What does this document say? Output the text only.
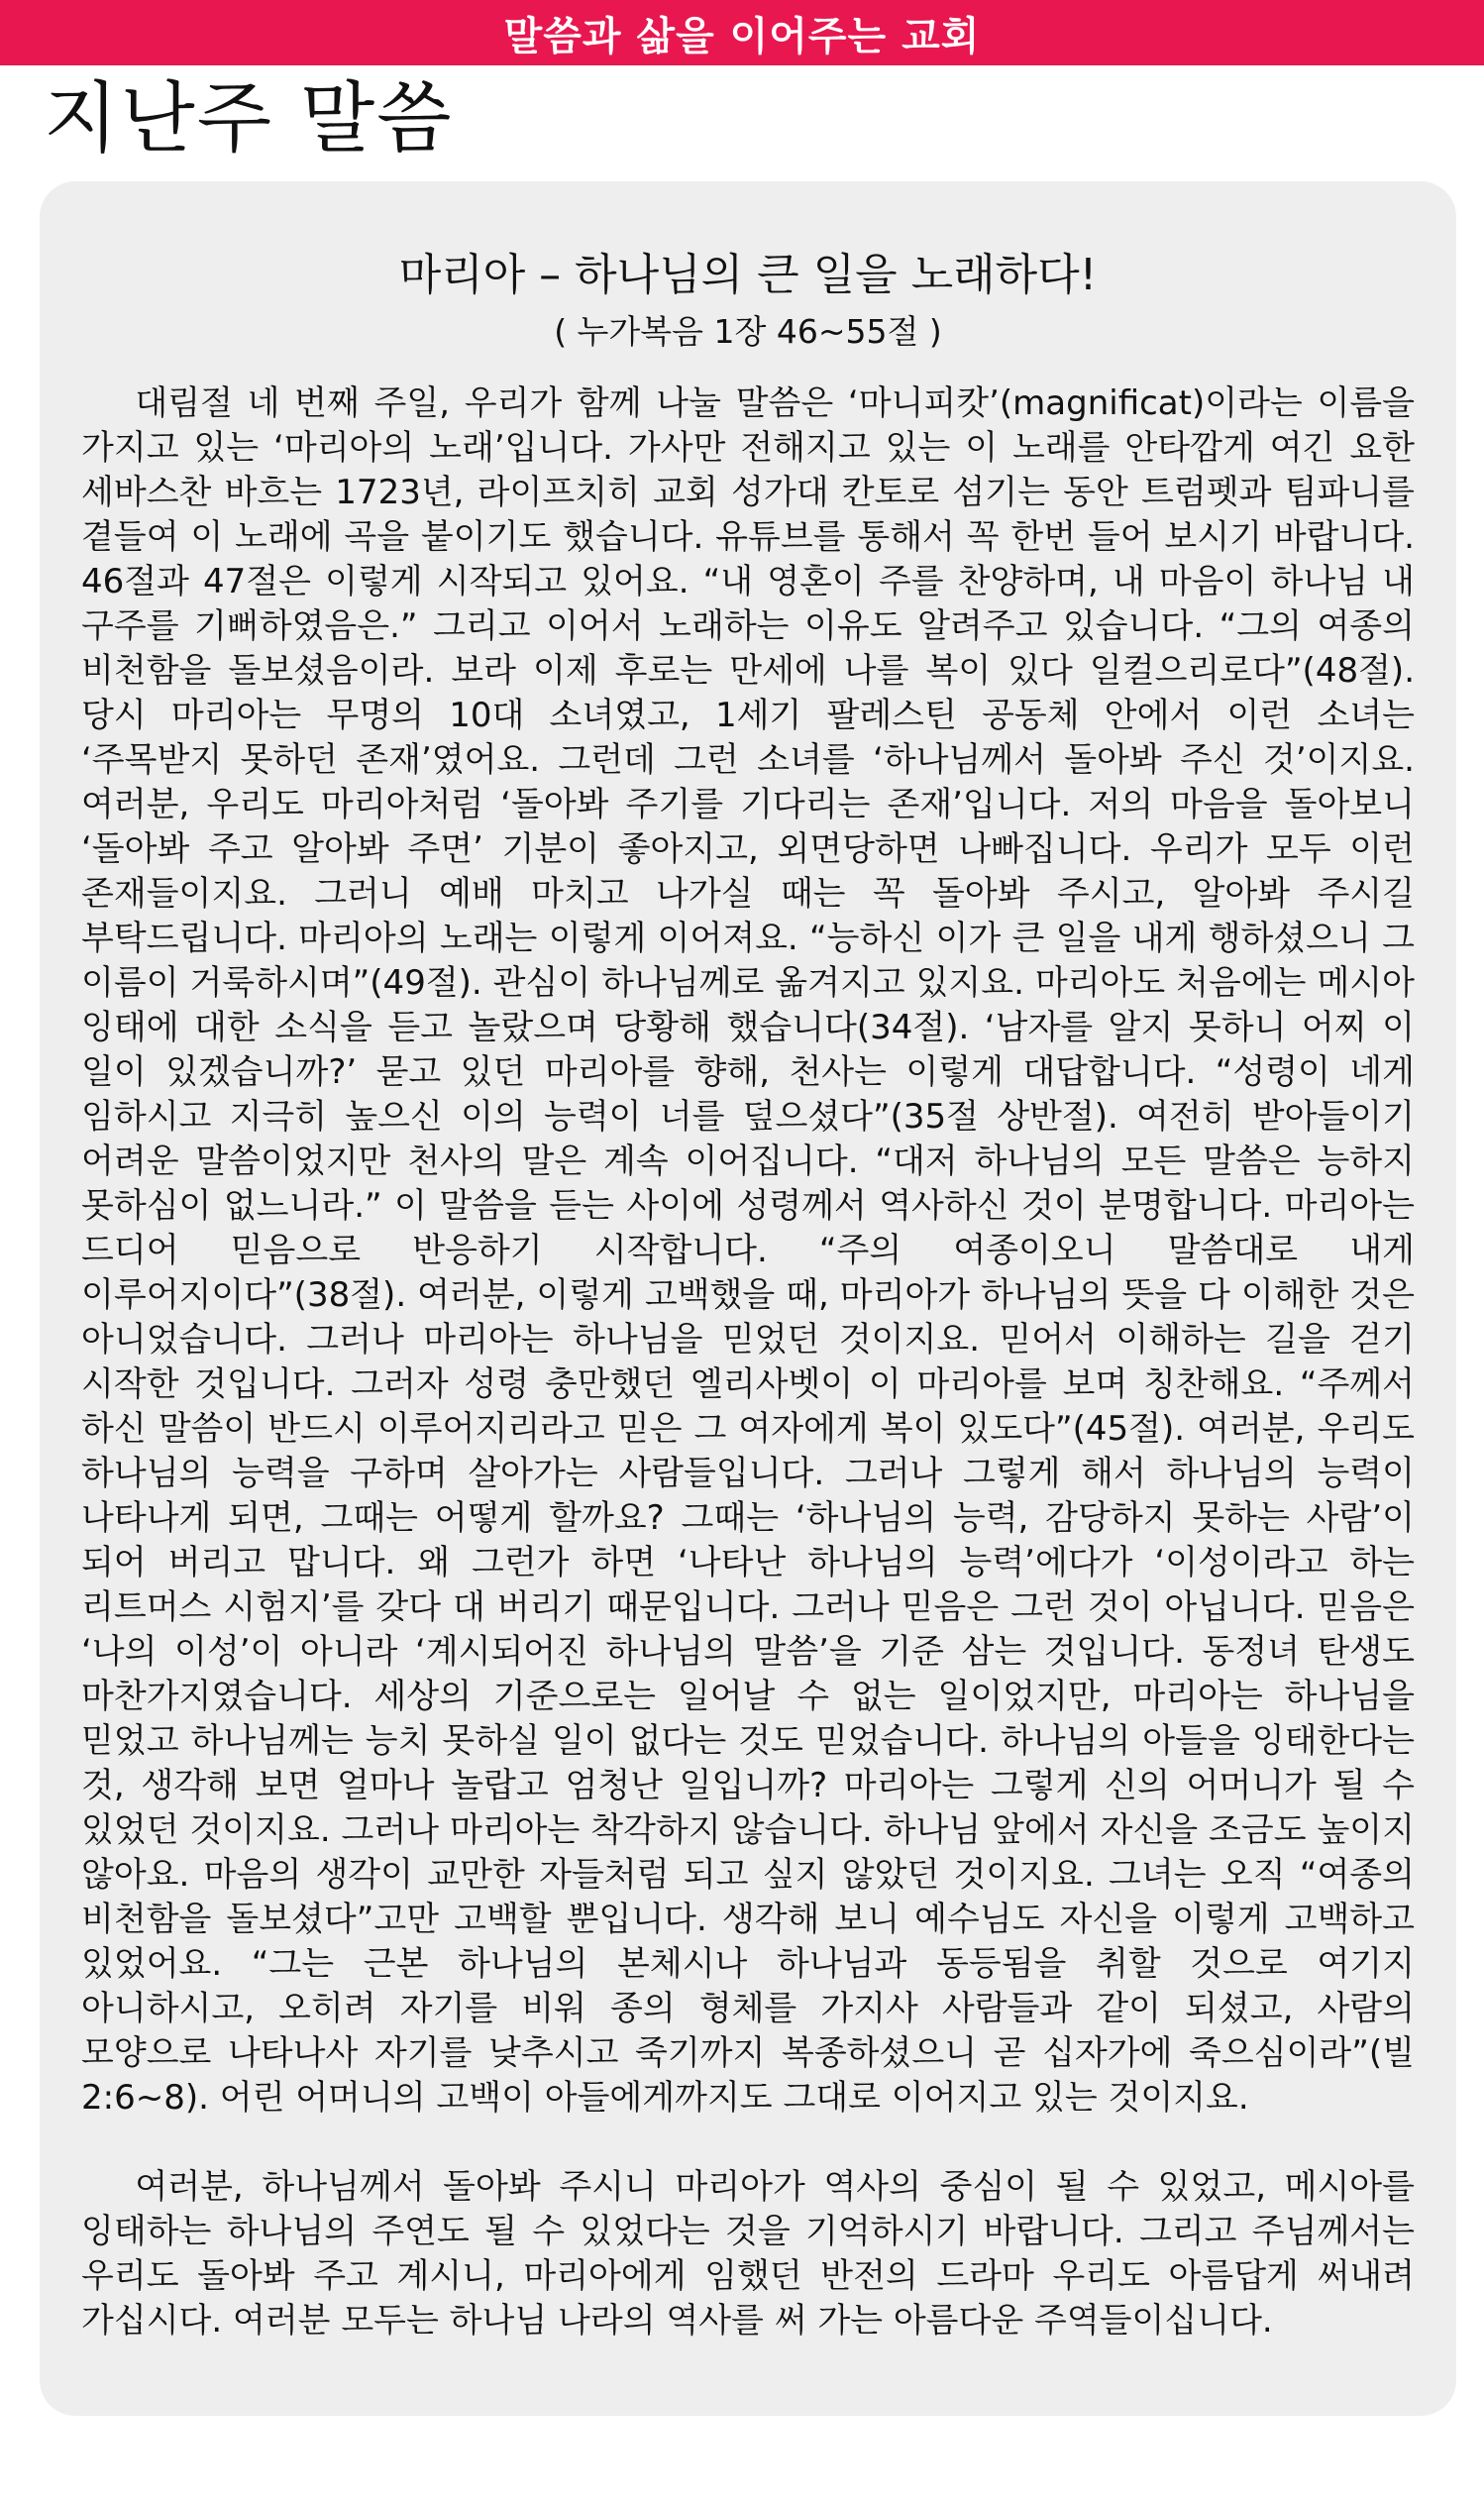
말씀과 삶을 이어주는 교회
지난주 말씀
마리아 – 하나님의 큰 일을 노래하다!

( 누가복음 1장 46~55절 )

대림절 네 번째 주일, 우리가 함께 나눌 말씀은 ‘마니피캇’(magnificat)이라는 이름을 가지고 있는 ‘마리아의 노래’입니다. 가사만 전해지고 있는 이 노래를 안타깝게 여긴 요한 세바스찬 바흐는 1723년, 라이프치히 교회 성가대 칸토로 섬기는 동안 트럼펫과 팀파니를 곁들여 이 노래에 곡을 붙이기도 했습니다. 유튜브를 통해서 꼭 한번 들어 보시기 바랍니다. 46절과 47절은 이렇게 시작되고 있어요. “내 영혼이 주를 찬양하며, 내 마음이 하나님 내 구주를 기뻐하였음은.” 그리고 이어서 노래하는 이유도 알려주고 있습니다. “그의 여종의 비천함을 돌보셨음이라. 보라 이제 후로는 만세에 나를 복이 있다 일컬으리로다”(48절). 당시 마리아는 무명의 10대 소녀였고, 1세기 팔레스틴 공동체 안에서 이런 소녀는 ‘주목받지 못하던 존재’였어요. 그런데 그런 소녀를 ‘하나님께서 돌아봐 주신 것’이지요. 여러분, 우리도 마리아처럼 ‘돌아봐 주기를 기다리는 존재’입니다. 저의 마음을 돌아보니 ‘돌아봐 주고 알아봐 주면’ 기분이 좋아지고, 외면당하면 나빠집니다. 우리가 모두 이런 존재들이지요. 그러니 예배 마치고 나가실 때는 꼭 돌아봐 주시고, 알아봐 주시길 부탁드립니다. 마리아의 노래는 이렇게 이어져요. “능하신 이가 큰 일을 내게 행하셨으니 그 이름이 거룩하시며”(49절). 관심이 하나님께로 옮겨지고 있지요. 마리아도 처음에는 메시아 잉태에 대한 소식을 듣고 놀랐으며 당황해 했습니다(34절). ‘남자를 알지 못하니 어찌 이 일이 있겠습니까?’ 묻고 있던 마리아를 향해, 천사는 이렇게 대답합니다. “성령이 네게 임하시고 지극히 높으신 이의 능력이 너를 덮으셨다”(35절 상반절). 여전히 받아들이기 어려운 말씀이었지만 천사의 말은 계속 이어집니다. “대저 하나님의 모든 말씀은 능하지 못하심이 없느니라.” 이 말씀을 듣는 사이에 성령께서 역사하신 것이 분명합니다. 마리아는 드디어 믿음으로 반응하기 시작합니다. “주의 여종이오니 말씀대로 내게 이루어지이다”(38절). 여러분, 이렇게 고백했을 때, 마리아가 하나님의 뜻을 다 이해한 것은 아니었습니다. 그러나 마리아는 하나님을 믿었던 것이지요. 믿어서 이해하는 길을 걷기 시작한 것입니다. 그러자 성령 충만했던 엘리사벳이 이 마리아를 보며 칭찬해요. “주께서 하신 말씀이 반드시 이루어지리라고 믿은 그 여자에게 복이 있도다”(45절). 여러분, 우리도 하나님의 능력을 구하며 살아가는 사람들입니다. 그러나 그렇게 해서 하나님의 능력이 나타나게 되면, 그때는 어떻게 할까요? 그때는 ‘하나님의 능력, 감당하지 못하는 사람’이 되어 버리고 맙니다. 왜 그런가 하면 ‘나타난 하나님의 능력’에다가 ‘이성이라고 하는 리트머스 시험지’를 갖다 대 버리기 때문입니다. 그러나 믿음은 그런 것이 아닙니다. 믿음은 ‘나의 이성’이 아니라 ‘계시되어진 하나님의 말씀’을 기준 삼는 것입니다. 동정녀 탄생도 마찬가지였습니다. 세상의 기준으로는 일어날 수 없는 일이었지만, 마리아는 하나님을 믿었고 하나님께는 능치 못하실 일이 없다는 것도 믿었습니다. 하나님의 아들을 잉태한다는 것, 생각해 보면 얼마나 놀랍고 엄청난 일입니까? 마리아는 그렇게 신의 어머니가 될 수 있었던 것이지요. 그러나 마리아는 착각하지 않습니다. 하나님 앞에서 자신을 조금도 높이지 않아요. 마음의 생각이 교만한 자들처럼 되고 싶지 않았던 것이지요. 그녀는 오직 “여종의 비천함을 돌보셨다”고만 고백할 뿐입니다. 생각해 보니 예수님도 자신을 이렇게 고백하고 있었어요. “그는 근본 하나님의 본체시나 하나님과 동등됨을 취할 것으로 여기지 아니하시고, 오히려 자기를 비워 종의 형체를 가지사 사람들과 같이 되셨고, 사람의 모양으로 나타나사 자기를 낮추시고 죽기까지 복종하셨으니 곧 십자가에 죽으심이라”(빌 2:6~8). 어린 어머니의 고백이 아들에게까지도 그대로 이어지고 있는 것이지요.

여러분, 하나님께서 돌아봐 주시니 마리아가 역사의 중심이 될 수 있었고, 메시아를 잉태하는 하나님의 주연도 될 수 있었다는 것을 기억하시기 바랍니다. 그리고 주님께서는 우리도 돌아봐 주고 계시니, 마리아에게 임했던 반전의 드라마 우리도 아름답게 써내려 가십시다. 여러분 모두는 하나님 나라의 역사를 써 가는 아름다운 주역들이십니다.
